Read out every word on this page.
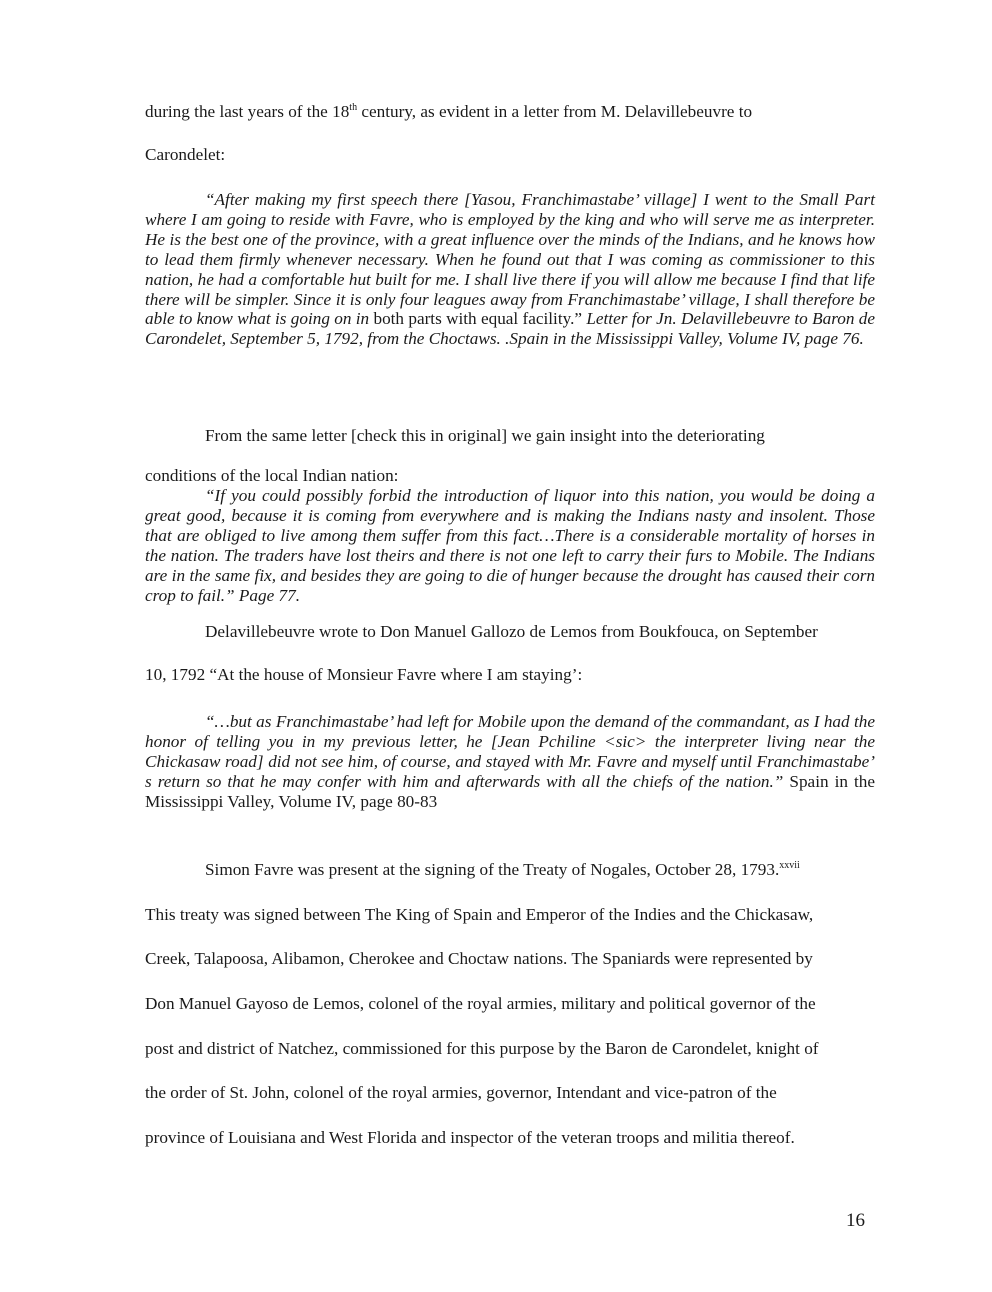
during the last years of the 18th century, as evident in a letter from M. Delavillebeuvre to
Carondelet:

“After making my first speech there [Yasou, Franchimastabe’ village] I went to the Small Part where I am going to reside with Favre, who is employed by the king and who will serve me as interpreter. He is the best one of the province, with a great influence over the minds of the Indians, and he knows how to lead them firmly whenever necessary. When he found out that I was coming as commissioner to this nation, he had a comfortable hut built for me. I shall live there if you will allow me because I find that life there will be simpler. Since it is only four leagues away from Franchimastabe’ village, I shall therefore be able to know what is going on in both parts with equal facility.” Letter for Jn. Delavillebeuvre to Baron de Carondelet, September 5, 1792, from the Choctaws. .Spain in the Mississippi Valley, Volume IV, page 76.

From the same letter [check this in original] we gain insight into the deteriorating
conditions of the local Indian nation:

“If you could possibly forbid the introduction of liquor into this nation, you would be doing a great good, because it is coming from everywhere and is making the Indians nasty and insolent. Those that are obliged to live among them suffer from this fact…There is a considerable mortality of horses in the nation. The traders have lost theirs and there is not one left to carry their furs to Mobile. The Indians are in the same fix, and besides they are going to die of hunger because the drought has caused their corn crop to fail.” Page 77.

Delavillebeuvre wrote to Don Manuel Gallozo de Lemos from Boukfouca, on September
10, 1792 “At the house of Monsieur Favre where I am staying’:

“…but as Franchimastabe’ had left for Mobile upon the demand of the commandant, as I had the honor of telling you in my previous letter, he [Jean Pchiline <sic> the interpreter living near the Chickasaw road] did not see him, of course, and stayed with Mr. Favre and myself until Franchimastabe’ s return so that he may confer with him and afterwards with all the chiefs of the nation.” Spain in the Mississippi Valley, Volume IV, page 80-83

Simon Favre was present at the signing of the Treaty of Nogales, October 28, 1793.$^{xxvii}$
This treaty was signed between The King of Spain and Emperor of the Indies and the Chickasaw,
Creek, Talapoosa, Alibamon, Cherokee and Choctaw nations. The Spaniards were represented by
Don Manuel Gayoso de Lemos, colonel of the royal armies, military and political governor of the
post and district of Natchez, commissioned for this purpose by the Baron de Carondelet, knight of
the order of St. John, colonel of the royal armies, governor, Intendant and vice-patron of the
province of Louisiana and West Florida and inspector of the veteran troops and militia thereof.
16
